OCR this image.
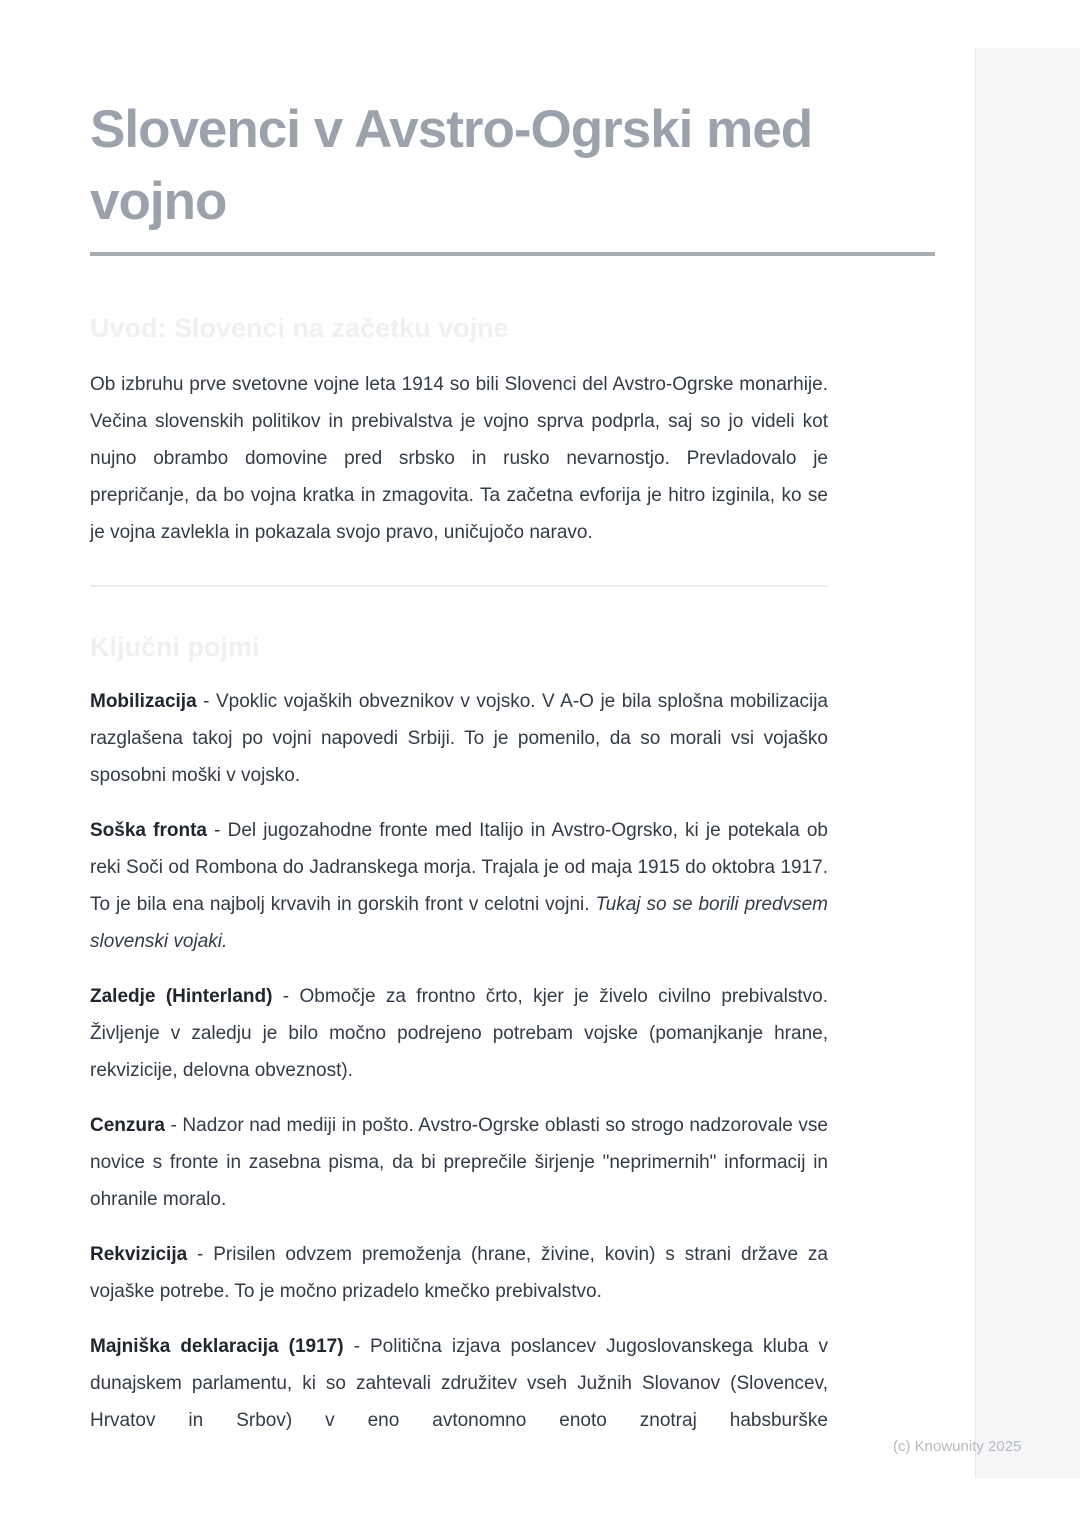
Slovenci v Avstro-Ogrski med vojno
Uvod: Slovenci na začetku vojne

Ob izbruhu prve svetovne vojne leta 1914 so bili Slovenci del Avstro-Ogrske monarhije. Večina slovenskih politikov in prebivalstva je vojno sprva podprla, saj so jo videli kot nujno obrambo domovine pred srbsko in rusko nevarnostjo. Prevladovalo je prepričanje, da bo vojna kratka in zmagovita. Ta začetna evforija je hitro izginila, ko se je vojna zavlekla in pokazala svojo pravo, uničujočo naravo.

Ključni pojmi

Mobilizacija - Vpoklic vojaških obveznikov v vojsko. V A-O je bila splošna mobilizacija razglašena takoj po vojni napovedi Srbiji. To je pomenilo, da so morali vsi vojaško sposobni moški v vojsko.

Soška fronta - Del jugozahodne fronte med Italijo in Avstro-Ogrsko, ki je potekala ob reki Soči od Rombona do Jadranskega morja. Trajala je od maja 1915 do oktobra 1917. To je bila ena najbolj krvavih in gorskih front v celotni vojni. Tukaj so se borili predvsem slovenski vojaki.

Zaledje (Hinterland) - Območje za frontno črto, kjer je živelo civilno prebivalstvo. Življenje v zaledju je bilo močno podrejeno potrebam vojske (pomanjkanje hrane, rekvizicije, delovna obveznost).

Cenzura - Nadzor nad mediji in pošto. Avstro-Ogrske oblasti so strogo nadzorovale vse novice s fronte in zasebna pisma, da bi preprečile širjenje "neprimernih" informacij in ohranile moralo.

Rekvizicija - Prisilen odvzem premoženja (hrane, živine, kovin) s strani države za vojaške potrebe. To je močno prizadelo kmečko prebivalstvo.

Majniška deklaracija (1917) - Politična izjava poslancev Jugoslovanskega kluba v dunajskem parlamentu, ki so zahtevali združitev vseh Južnih Slovanov (Slovencev, Hrvatov in Srbov) v eno avtonomno enoto znotraj habsburške

(c) Knowunity 2025
